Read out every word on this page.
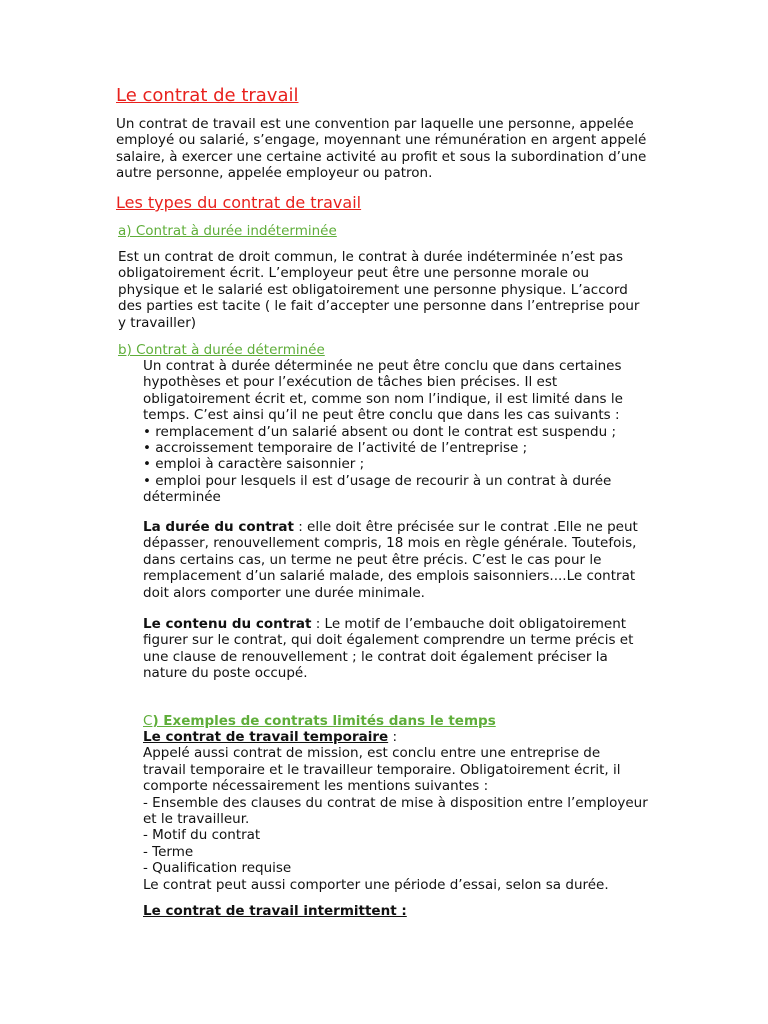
Le contrat de travail
Un contrat de travail est une convention par laquelle une personne, appelée
employé ou salarié, s’engage, moyennant une rémunération en argent appelé
salaire, à exercer une certaine activité au profit et sous la subordination d’une
autre personne, appelée employeur ou patron.
Les types du contrat de travail

a) Contrat à durée indéterminée

Est un contrat de droit commun, le contrat à durée indéterminée n’est pas
obligatoirement écrit. L’employeur peut être une personne morale ou
physique et le salarié est obligatoirement une personne physique. L’accord
des parties est tacite ( le fait d’accepter une personne dans l’entreprise pour
y travailler)

b) Contrat à durée déterminée

Un contrat à durée déterminée ne peut être conclu que dans certaines
hypothèses et pour l’exécution de tâches bien précises. Il est
obligatoirement écrit et, comme son nom l’indique, il est limité dans le
temps. C’est ainsi qu’il ne peut être conclu que dans les cas suivants :
• remplacement d’un salarié absent ou dont le contrat est suspendu ;
• accroissement temporaire de l’activité de l’entreprise ;
• emploi à caractère saisonnier ;
• emploi pour lesquels il est d’usage de recourir à un contrat à durée
déterminée
La durée du contrat : elle doit être précisée sur le contrat .Elle ne peut
dépasser, renouvellement compris, 18 mois en règle générale. Toutefois,
dans certains cas, un terme ne peut être précis. C’est le cas pour le
remplacement d’un salarié malade, des emplois saisonniers....Le contrat
doit alors comporter une durée minimale.
Le contenu du contrat : Le motif de l’embauche doit obligatoirement
figurer sur le contrat, qui doit également comprendre un terme précis et
une clause de renouvellement ; le contrat doit également préciser la
nature du poste occupé.
C) Exemples de contrats limités dans le temps
Le contrat de travail temporaire :
Appelé aussi contrat de mission, est conclu entre une entreprise de
travail temporaire et le travailleur temporaire. Obligatoirement écrit, il
comporte nécessairement les mentions suivantes :
- Ensemble des clauses du contrat de mise à disposition entre l’employeur
et le travailleur.
- Motif du contrat
- Terme
- Qualification requise
Le contrat peut aussi comporter une période d’essai, selon sa durée.
Le contrat de travail intermittent :
